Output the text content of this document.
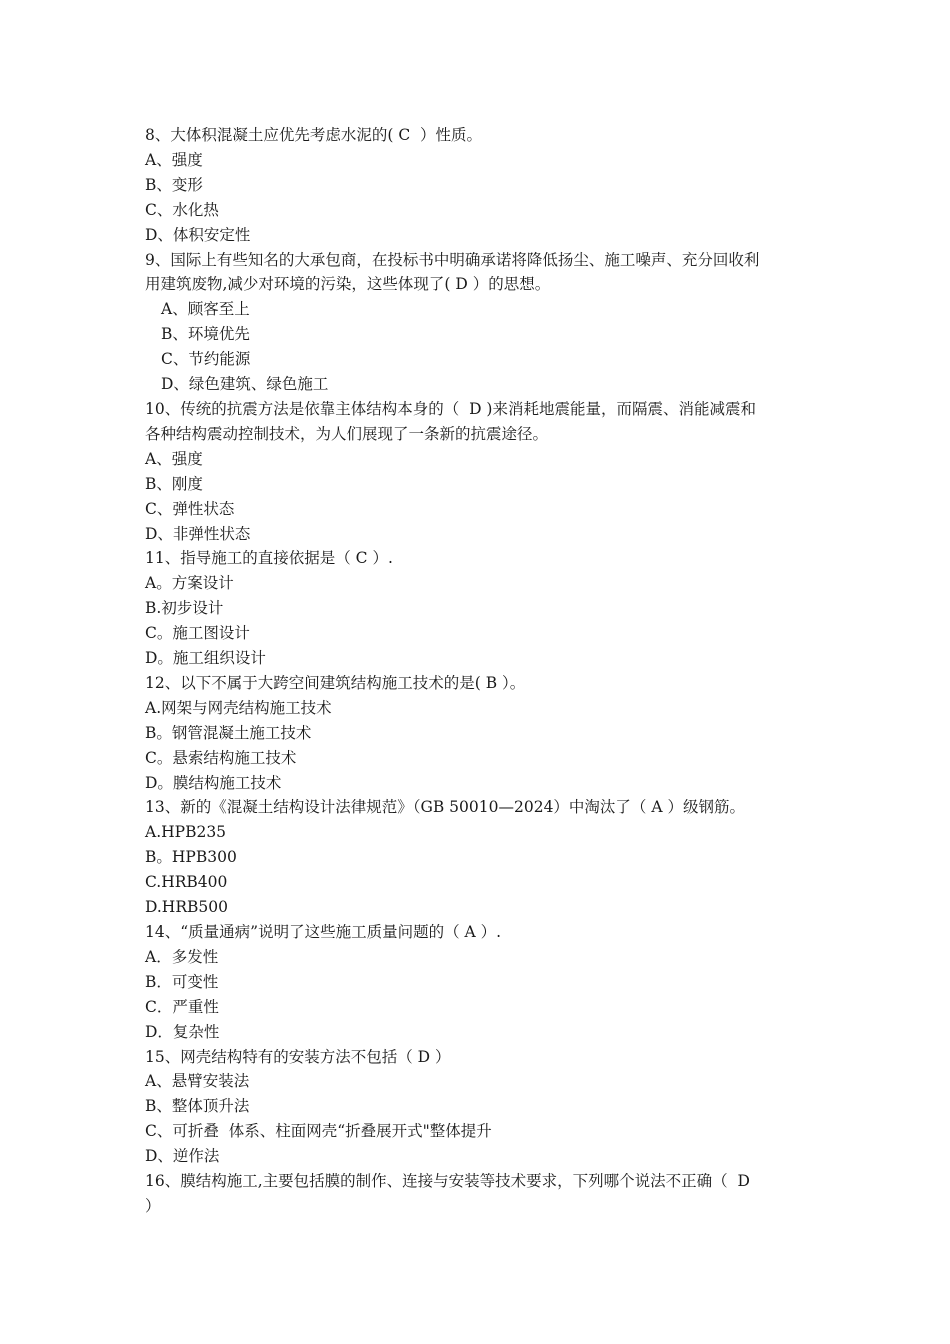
8、大体积混凝土应优先考虑水泥的( C  ）性质。
A、强度
B、变形
C、水化热
D、体积安定性
9、国际上有些知名的大承包商，在投标书中明确承诺将降低扬尘、施工噪声、充分回收利
用建筑废物,减少对环境的污染，这些体现了( D ）的思想。
A、顾客至上
B、环境优先
C、节约能源
D、绿色建筑、绿色施工
10、传统的抗震方法是依靠主体结构本身的（  D )来消耗地震能量，而隔震、消能减震和
各种结构震动控制技术，为人们展现了一条新的抗震途径。
A、强度
B、刚度
C、弹性状态
D、非弹性状态
11、指导施工的直接依据是（ C ）.
A。方案设计
B.初步设计
C。施工图设计
D。施工组织设计
12、以下不属于大跨空间建筑结构施工技术的是( B ）。
A.网架与网壳结构施工技术
B。钢管混凝土施工技术
C。悬索结构施工技术
D。膜结构施工技术
13、新的《混凝土结构设计法律规范》（GB 50010—2024）中淘汰了（ A ）级钢筋。
A.HPB235
B。HPB300
C.HRB400
D.HRB500
14、“质量通病”说明了这些施工质量问题的（ A ）.
A．多发性
B．可变性
C．严重性
D．复杂性
15、网壳结构特有的安装方法不包括（ D ）
A、悬臂安装法
B、整体顶升法
C、可折叠  体系、柱面网壳“折叠展开式"整体提升
D、逆作法
16、膜结构施工,主要包括膜的制作、连接与安装等技术要求，下列哪个说法不正确（  D
）
